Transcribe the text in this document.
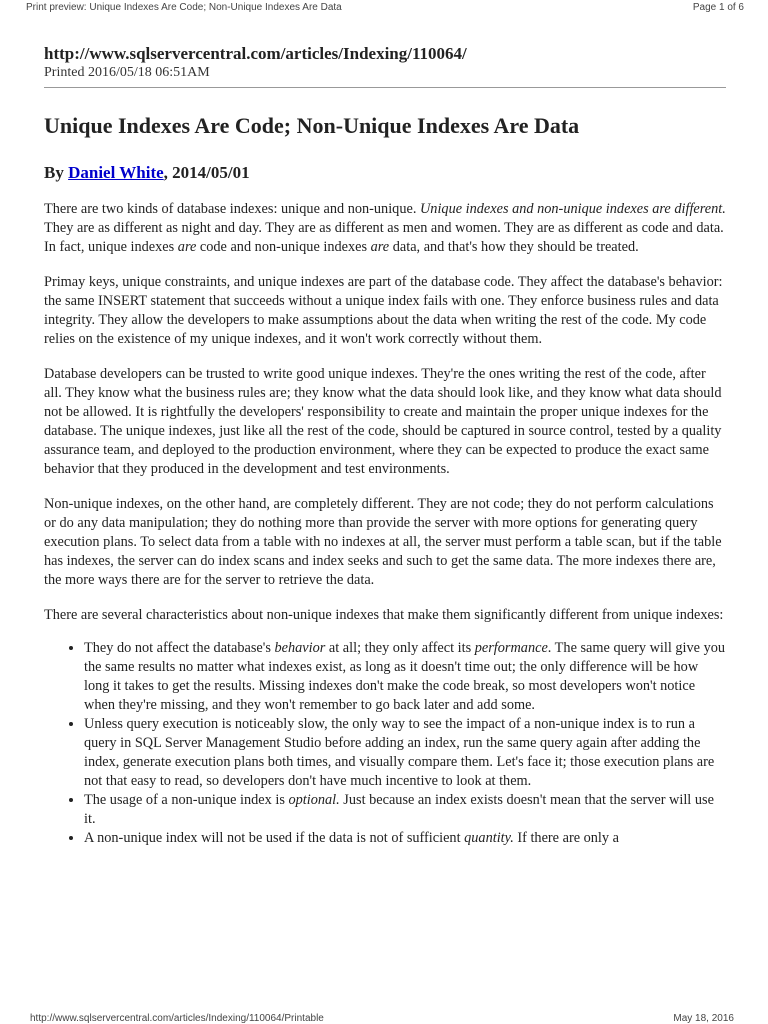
Print preview: Unique Indexes Are Code; Non-Unique Indexes Are Data	Page 1 of 6
http://www.sqlservercentral.com/articles/Indexing/110064/
Printed 2016/05/18 06:51AM
Unique Indexes Are Code; Non-Unique Indexes Are Data
By Daniel White, 2014/05/01

There are two kinds of database indexes: unique and non-unique. Unique indexes and non-unique indexes are different. They are as different as night and day. They are as different as men and women. They are as different as code and data. In fact, unique indexes are code and non-unique indexes are data, and that's how they should be treated.

Primay keys, unique constraints, and unique indexes are part of the database code. They affect the database's behavior: the same INSERT statement that succeeds without a unique index fails with one. They enforce business rules and data integrity. They allow the developers to make assumptions about the data when writing the rest of the code. My code relies on the existence of my unique indexes, and it won't work correctly without them.

Database developers can be trusted to write good unique indexes. They're the ones writing the rest of the code, after all. They know what the business rules are; they know what the data should look like, and they know what data should not be allowed. It is rightfully the developers' responsibility to create and maintain the proper unique indexes for the database. The unique indexes, just like all the rest of the code, should be captured in source control, tested by a quality assurance team, and deployed to the production environment, where they can be expected to produce the exact same behavior that they produced in the development and test environments.

Non-unique indexes, on the other hand, are completely different. They are not code; they do not perform calculations or do any data manipulation; they do nothing more than provide the server with more options for generating query execution plans. To select data from a table with no indexes at all, the server must perform a table scan, but if the table has indexes, the server can do index scans and index seeks and such to get the same data. The more indexes there are, the more ways there are for the server to retrieve the data.

There are several characteristics about non-unique indexes that make them significantly different from unique indexes:

• They do not affect the database's behavior at all; they only affect its performance. The same query will give you the same results no matter what indexes exist, as long as it doesn't time out; the only difference will be how long it takes to get the results. Missing indexes don't make the code break, so most developers won't notice when they're missing, and they won't remember to go back later and add some.
• Unless query execution is noticeably slow, the only way to see the impact of a non-unique index is to run a query in SQL Server Management Studio before adding an index, run the same query again after adding the index, generate execution plans both times, and visually compare them. Let's face it; those execution plans are not that easy to read, so developers don't have much incentive to look at them.
• The usage of a non-unique index is optional. Just because an index exists doesn't mean that the server will use it.
• A non-unique index will not be used if the data is not of sufficient quantity. If there are only a
http://www.sqlservercentral.com/articles/Indexing/110064/Printable	May 18, 2016
